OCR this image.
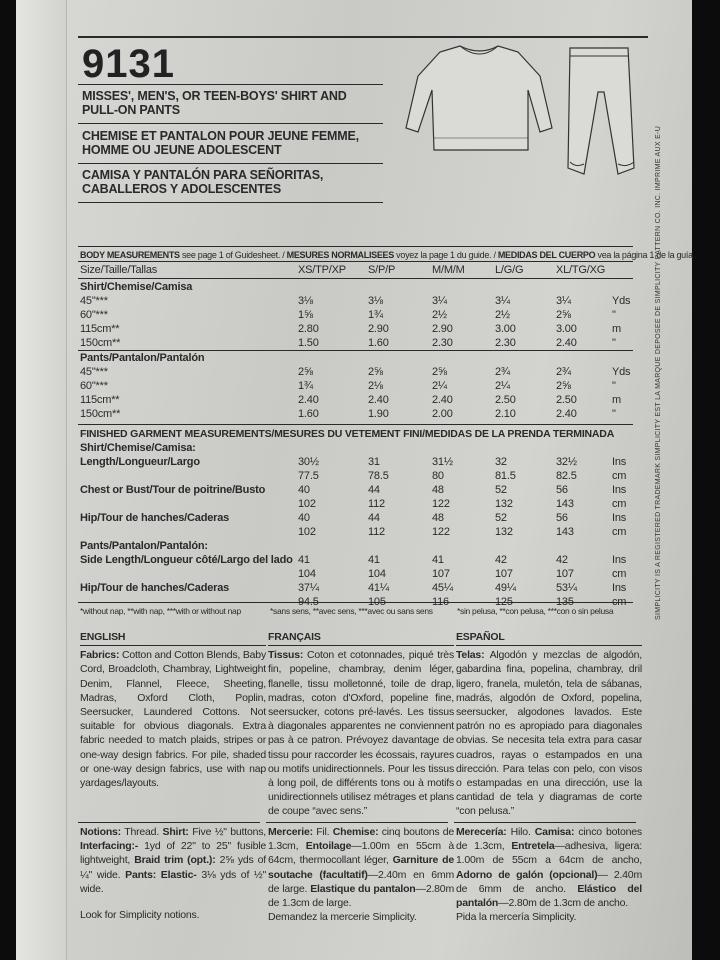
9131
MISSES', MEN'S, OR TEEN-BOYS' SHIRT AND PULL-ON PANTS
CHEMISE ET PANTALON POUR JEUNE FEMME, HOMME OU JEUNE ADOLESCENT
CAMISA Y PANTALÓN PARA SEÑORITAS, CABALLEROS Y ADOLESCENTES
BODY MEASUREMENTS see page 1 of Guidesheet. / MESURES NORMALISEES voyez la page 1 du guide. / MEDIDAS DEL CUERPO vea la página 1 de la guía.
Size/Taille/Tallas	XS/TP/XP S/P/P	M/M/M	L/G/G	XL/TG/XG
Shirt/Chemise/Camisa
45"***	3⅛	3⅛	3¼	3¼	3¼	Yds
60"***	1⅝	1¾	2½	2½	2⅝	"
115cm**	2.80	2.90	2.90	3.00	3.00	m
150cm**	1.50	1.60	2.30	2.30	2.40	"
Pants/Pantalon/Pantalón
45"***	2⅝	2⅝	2⅝	2¾	2¾	Yds
60"***	1¾	2⅛	2¼	2¼	2⅝	"
115cm**	2.40	2.40	2.40	2.50	2.50	m
150cm**	1.60	1.90	2.00	2.10	2.40	"
FINISHED GARMENT MEASUREMENTS/MESURES DU VETEMENT FINI/MEDIDAS DE LA PRENDA TERMINADA
Shirt/Chemise/Camisa:
Length/Longueur/Largo	30½	31	31½	32	32½	Ins
77.5	78.5	80	81.5	82.5	cm
Chest or Bust/Tour de poitrine/Busto	40	44	48	52	56	Ins
102	112	122	132	143	cm
Hip/Tour de hanches/Caderas	40	44	48	52	56	Ins
102	112	122	132	143	cm
Pants/Pantalon/Pantalón:
Side Length/Longueur côté/Largo del lado 41	41	41	42	42	Ins
104	104	107	107	107	cm
Hip/Tour de hanches/Caderas	37¼	41¼	45¼	49¼	53¼	Ins
94.5	105	116	125	135	cm
*without nap, **with nap, ***with or without nap	*sans sens, **avec sens, ***avec ou sans sens	*sin pelusa, **con pelusa, ***con o sin pelusa
ENGLISH
Fabrics: Cotton and Cotton Blends, Baby Cord, Broadcloth, Chambray, Lightweight Denim, Flannel, Fleece, Sheeting, Madras, Oxford Cloth, Poplin, Seersucker, Laundered Cottons. Not suitable for obvious diagonals. Extra fabric needed to match plaids, stripes or one-way design fabrics. For pile, shaded or one-way design fabrics, use with nap yardages/layouts.
Notions: Thread. Shirt: Five ½" buttons, Interfacing:- 1yd of 22" to 25" fusible lightweight, Braid trim (opt.): 2⅝ yds of ¼" wide. Pants: Elastic- 3⅛ yds of ½" wide.
Look for Simplicity notions.
FRANÇAIS
Tissus: Coton et cotonnades, piqué très fin, popeline, chambray, denim léger, flanelle, tissu molletonné, toile de drap, madras, coton d'Oxford, popeline fine, seersucker, cotons pré-lavés. Les tissus à diagonales apparentes ne conviennent pas à ce patron. Prévoyez davantage de tissu pour raccorder les écossais, rayures ou motifs unidirectionnels. Pour les tissus à long poil, de différents tons ou à motifs unidirectionnels utilisez métrages et plans de coupe “avec sens.”
Mercerie: Fil. Chemise: cinq boutons de 1.3cm, Entoilage—1.00m en 55cm à 64cm, thermocollant léger, Garniture de soutache (facultatif)—2.40m en 6mm de large. Elastique du pantalon—2.80m de 1.3cm de large.
Demandez la mercerie Simplicity.
ESPAÑOL
Telas: Algodón y mezclas de algodón, gabardina fina, popelina, chambray, dril ligero, franela, muletón, tela de sábanas, madrás, algodón de Oxford, popelina, seersucker, algodones lavados. Este patrón no es apropiado para diagonales obvias. Se necesita tela extra para casar cuadros, rayas o estampados en una dirección. Para telas con pelo, con visos o estampadas en una dirección, use la cantidad de tela y diagramas de corte “con pelusa.”
Merecería: Hilo. Camisa: cinco botones de 1.3cm, Entretela—adhesiva, ligera: 1.00m de 55cm a 64cm de ancho, Adorno de galón (opcional)— 2.40m de 6mm de ancho. Elástico del pantalón—2.80m de 1.3cm de ancho.
Pida la mercería Simplicity.
SIMPLICITY IS A REGISTERED TRADEMARK SIMPLICITY EST LA MARQUE DEPOSEE DE SIMPLICITY PATTERN CO. INC. IMPRIME AUX E-U
